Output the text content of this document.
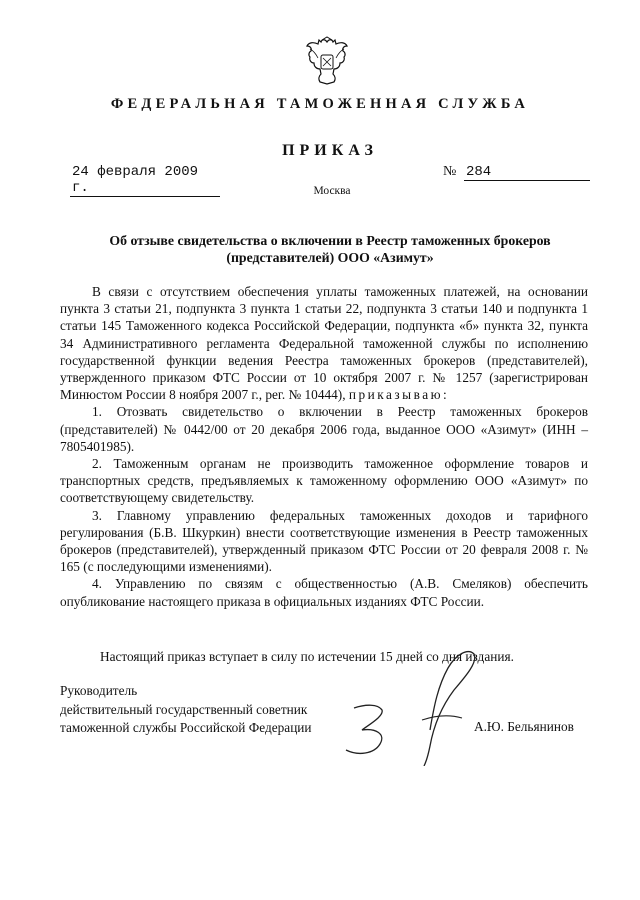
ФЕДЕРАЛЬНАЯ ТАМОЖЕННАЯ СЛУЖБА
ПРИКАЗ
24 февраля 2009 г.
№ 284
Москва
Об отзыве свидетельства о включении в Реестр таможенных брокеров
(представителей) ООО «Азимут»

В связи с отсутствием обеспечения уплаты таможенных платежей, на основании пункта 3 статьи 21, подпункта 3 пункта 1 статьи 22, подпункта 3 статьи 140 и подпункта 1 статьи 145 Таможенного кодекса Российской Федерации, подпункта «б» пункта 32, пункта 34 Административного регламента Федеральной таможенной службы по исполнению государственной функции ведения Реестра таможенных брокеров (представителей), утвержденного приказом ФТС России от 10 октября 2007 г. № 1257 (зарегистрирован Минюстом России 8 ноября 2007 г., рег. № 10444), приказываю:

1. Отозвать свидетельство о включении в Реестр таможенных брокеров (представителей) № 0442/00 от 20 декабря 2006 года, выданное ООО «Азимут» (ИНН – 7805401985).

2. Таможенным органам не производить таможенное оформление товаров и транспортных средств, предъявляемых к таможенному оформлению ООО «Азимут» по соответствующему свидетельству.

3. Главному управлению федеральных таможенных доходов и тарифного регулирования (Б.В. Шкуркин) внести соответствующие изменения в Реестр таможенных брокеров (представителей), утвержденный приказом ФТС России от 20 февраля 2008 г. № 165 (с последующими изменениями).

4. Управлению по связям с общественностью (А.В. Смеляков) обеспечить опубликование настоящего приказа в официальных изданиях ФТС России.

Настоящий приказ вступает в силу по истечении 15 дней со дня издания.
Руководитель
действительный государственный советник
таможенной службы Российской Федерации	А.Ю. Бельянинов
